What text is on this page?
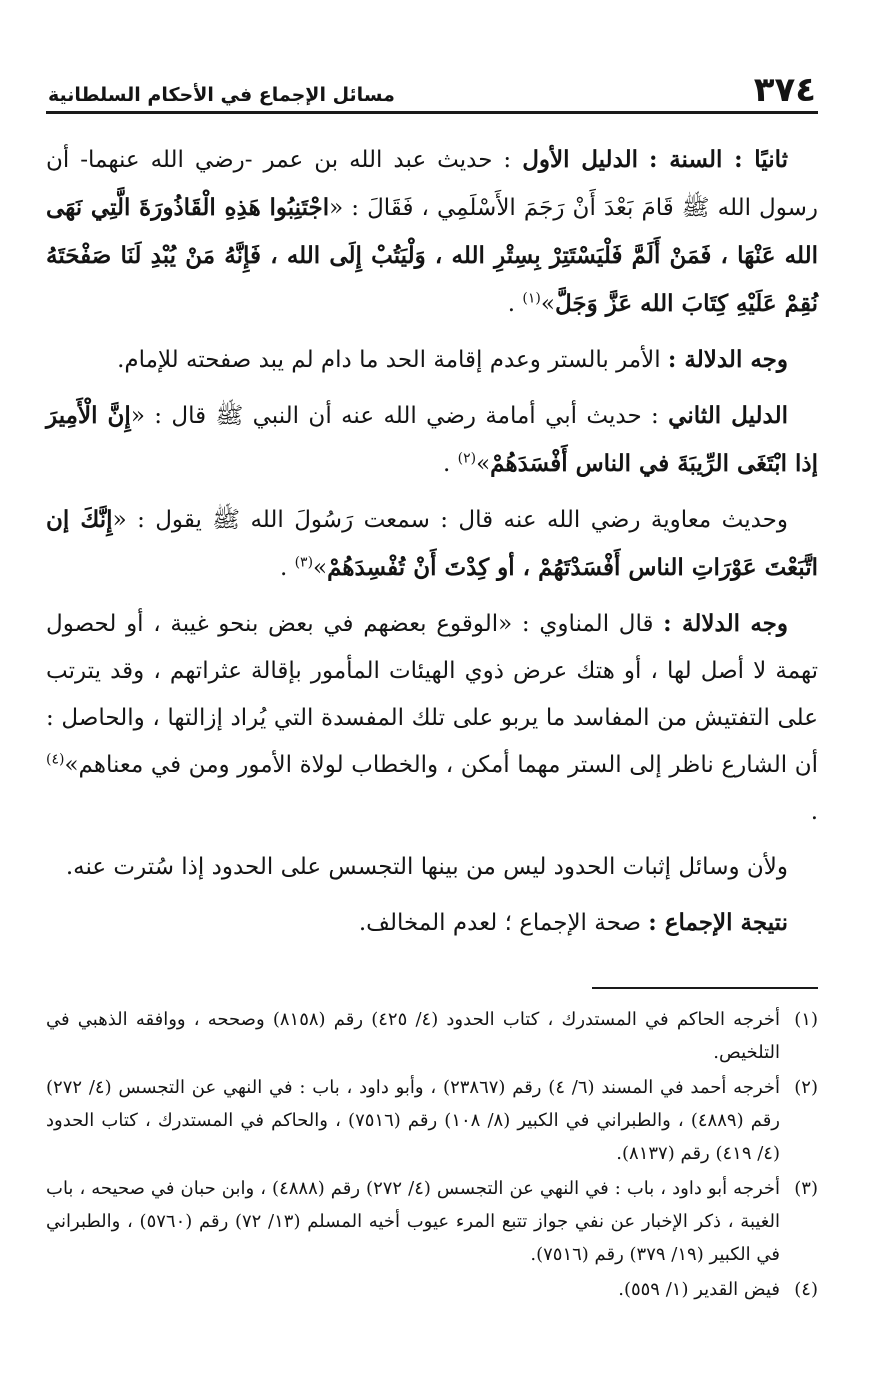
٣٧٤
مسائل الإجماع في الأحكام السلطانية

ثانيًا : السنة : الدليل الأول : حديث عبد الله بن عمر -رضي الله عنهما- أن رسول الله ﷺ قَامَ بَعْدَ أَنْ رَجَمَ الأَسْلَمِي ، فَقَالَ : «اجْتَنِبُوا هَذِهِ الْقَاذُورَةَ الَّتِي نَهَى الله عَنْهَا ، فَمَنْ أَلَمَّ فَلْيَسْتَتِرْ بِسِتْرِ الله ، وَلْيَتُبْ إِلَى الله ، فَإِنَّهُ مَنْ يُبْدِ لَنَا صَفْحَتَهُ نُقِمْ عَلَيْهِ كِتَابَ الله عَزَّ وَجَلَّ»$^{(١)}$ .

وجه الدلالة : الأمر بالستر وعدم إقامة الحد ما دام لم يبد صفحته للإمام.

الدليل الثاني : حديث أبي أمامة رضي الله عنه أن النبي ﷺ قال : «إِنَّ الْأَمِيرَ إذا ابْتَغَى الرِّيبَةَ في الناس أَفْسَدَهُمْ»$^{(٢)}$ .

وحديث معاوية رضي الله عنه قال : سمعت رَسُولَ الله ﷺ يقول : «إِنَّكَ إن اتَّبَعْتَ عَوْرَاتِ الناس أَفْسَدْتَهُمْ ، أو كِدْتَ أَنْ تُفْسِدَهُمْ»$^{(٣)}$ .

وجه الدلالة : قال المناوي : «الوقوع بعضهم في بعض بنحو غيبة ، أو لحصول تهمة لا أصل لها ، أو هتك عرض ذوي الهيئات المأمور بإقالة عثراتهم ، وقد يترتب على التفتيش من المفاسد ما يربو على تلك المفسدة التي يُراد إزالتها ، والحاصل : أن الشارع ناظر إلى الستر مهما أمكن ، والخطاب لولاة الأمور ومن في معناهم»$^{(٤)}$ .

ولأن وسائل إثبات الحدود ليس من بينها التجسس على الحدود إذا سُترت عنه.

نتيجة الإجماع : صحة الإجماع ؛ لعدم المخالف.

(١)
أخرجه الحاكم في المستدرك ، كتاب الحدود (٤/ ٤٢٥) رقم (٨١٥٨) وصححه ، ووافقه الذهبي في التلخيص.
(٢)
أخرجه أحمد في المسند (٦/ ٤) رقم (٢٣٨٦٧) ، وأبو داود ، باب : في النهي عن التجسس (٤/ ٢٧٢) رقم (٤٨٨٩) ، والطبراني في الكبير (٨/ ١٠٨) رقم (٧٥١٦) ، والحاكم في المستدرك ، كتاب الحدود (٤/ ٤١٩) رقم (٨١٣٧).
(٣)
أخرجه أبو داود ، باب : في النهي عن التجسس (٤/ ٢٧٢) رقم (٤٨٨٨) ، وابن حبان في صحيحه ، باب الغيبة ، ذكر الإخبار عن نفي جواز تتبع المرء عيوب أخيه المسلم (١٣/ ٧٢) رقم (٥٧٦٠) ، والطبراني في الكبير (١٩/ ٣٧٩) رقم (٧٥١٦).
(٤)
فيض القدير (١/ ٥٥٩).
